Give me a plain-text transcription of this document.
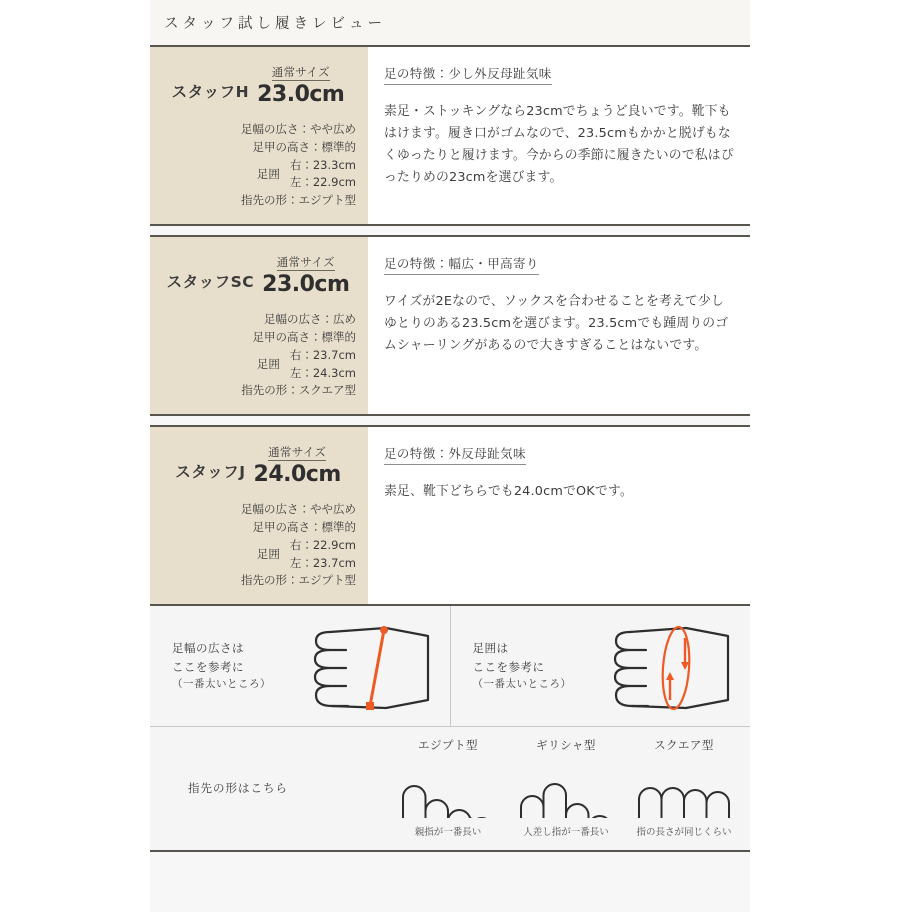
スタッフ試し履きレビュー
スタッフH
通常サイズ
23.0cm
足幅の広さ： やや広め
足甲の高さ： 標準的
足囲
右：23.3cm
左：22.9cm
指先の形： エジプト型
足の特徴：少し外反母趾気味
素足・ストッキングなら23cmでちょうど良いです。靴下もはけます。履き口がゴムなので、23.5cmもかかと脱げもなくゆったりと履けます。今からの季節に履きたいので私はぴったりめの23cmを選びます。
スタッフSC
通常サイズ
23.0cm
足幅の広さ： 広め
足甲の高さ： 標準的
足囲
右：23.7cm
左：24.3cm
指先の形： スクエア型
足の特徴：幅広・甲高寄り
ワイズが2Eなので、ソックスを合わせることを考えて少しゆとりのある23.5cmを選びます。23.5cmでも踵周りのゴムシャーリングがあるので大きすぎることはないです。
スタッフJ
通常サイズ
24.0cm
足幅の広さ： やや広め
足甲の高さ： 標準的
足囲
右：22.9cm
左：23.7cm
指先の形： エジプト型
足の特徴：外反母趾気味
素足、靴下どちらでも24.0cmでOKです。
足幅の広さは
ここを参考に
（一番太いところ）
足囲は
ここを参考に
（一番太いところ）
指先の形はこちら
エジプト型
親指が一番長い
ギリシャ型
人差し指が一番長い
スクエア型
指の長さが同じくらい
